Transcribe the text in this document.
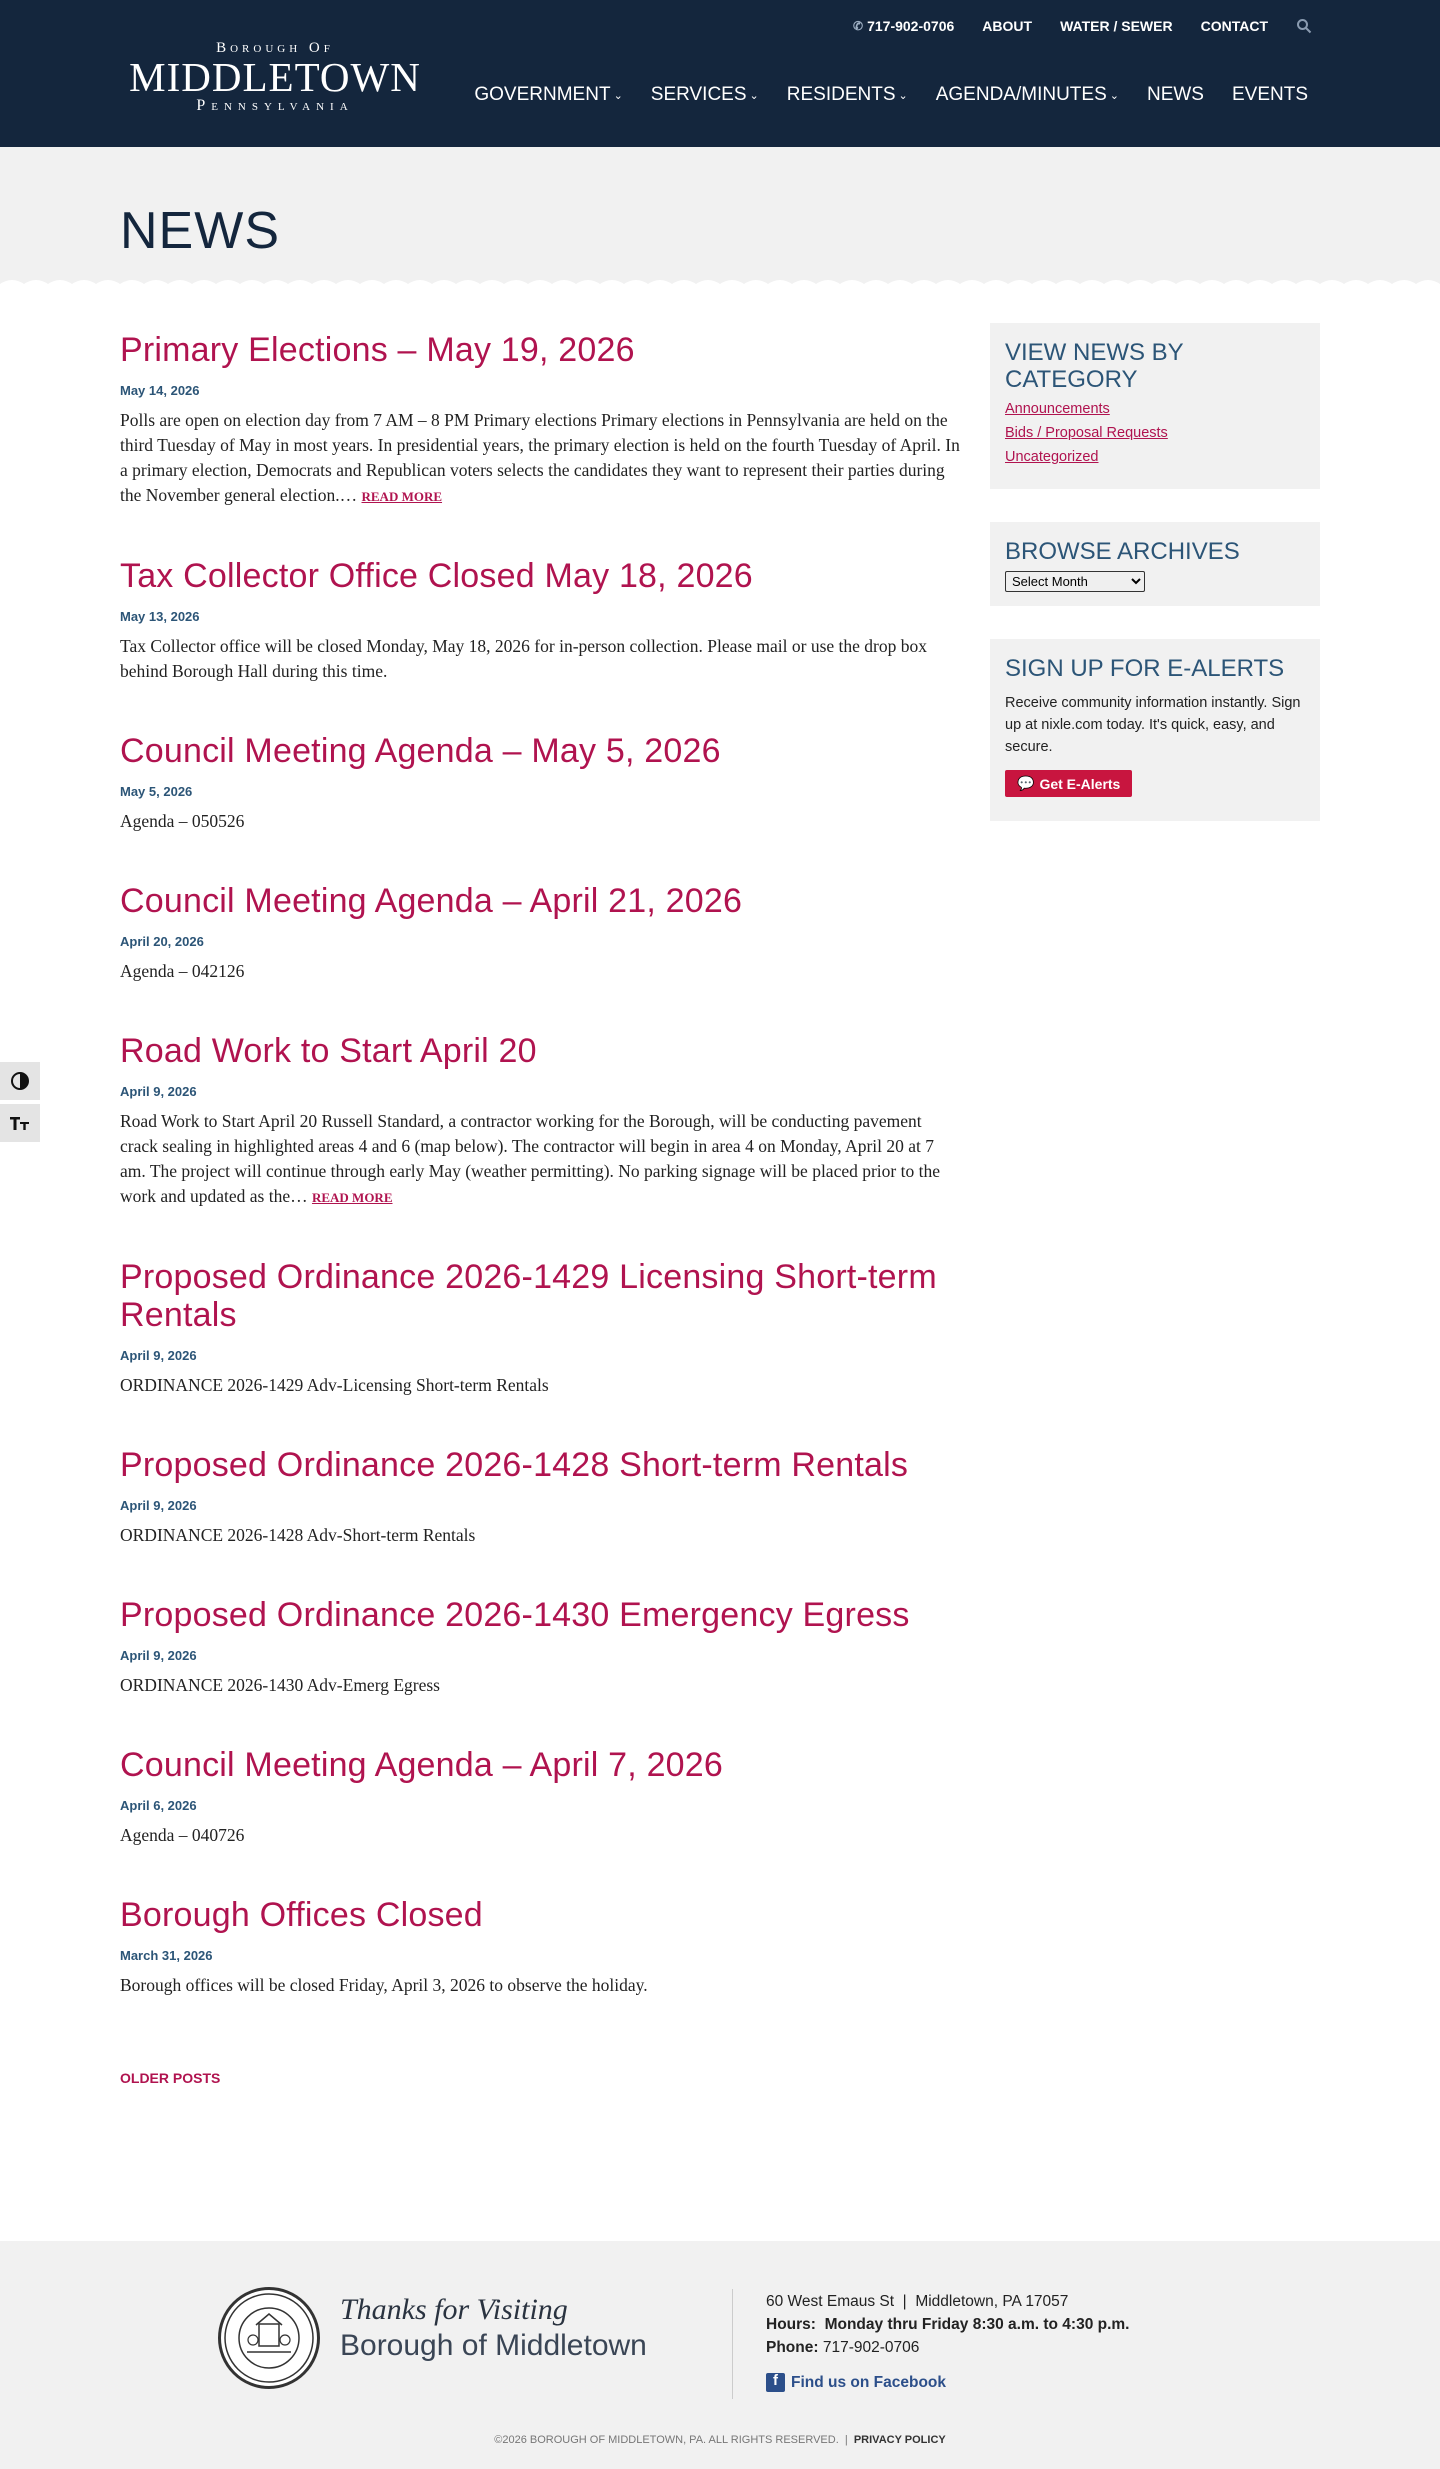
Borough Of
MIDDLETOWN
Pennsylvania
✆ 717-902-0706 ABOUT WATER / SEWER CONTACT
GOVERNMENT ⌄ SERVICES ⌄ RESIDENTS ⌄ AGENDA/MINUTES ⌄ NEWS EVENTS
NEWS
Primary Elections – May 19, 2026
May 14, 2026

Polls are open on election day from 7 AM – 8 PM Primary elections Primary elections in Pennsylvania are held on the third Tuesday of May in most years. In presidential years, the primary election is held on the fourth Tuesday of April. In a primary election, Democrats and Republican voters selects the candidates they want to represent their parties during the November general election.… READ MORE

Tax Collector Office Closed May 18, 2026
May 13, 2026

Tax Collector office will be closed Monday, May 18, 2026 for in-person collection. Please mail or use the drop box behind Borough Hall during this time.

Council Meeting Agenda – May 5, 2026
May 5, 2026

Agenda – 050526

Council Meeting Agenda – April 21, 2026
April 20, 2026

Agenda – 042126

Road Work to Start April 20
April 9, 2026

Road Work to Start April 20 Russell Standard, a contractor working for the Borough, will be conducting pavement crack sealing in highlighted areas 4 and 6 (map below). The contractor will begin in area 4 on Monday, April 20 at 7 am. The project will continue through early May (weather permitting). No parking signage will be placed prior to the work and updated as the… READ MORE

Proposed Ordinance 2026-1429 Licensing Short-term Rentals
April 9, 2026

ORDINANCE 2026-1429 Adv-Licensing Short-term Rentals

Proposed Ordinance 2026-1428 Short-term Rentals
April 9, 2026

ORDINANCE 2026-1428 Adv-Short-term Rentals

Proposed Ordinance 2026-1430 Emergency Egress
April 9, 2026

ORDINANCE 2026-1430 Adv-Emerg Egress

Council Meeting Agenda – April 7, 2026
April 6, 2026

Agenda – 040726

Borough Offices Closed
March 31, 2026

Borough offices will be closed Friday, April 3, 2026 to observe the holiday.

OLDER POSTS
VIEW NEWS BY CATEGORY
Announcements
Bids / Proposal Requests
Uncategorized
BROWSE ARCHIVES
Select Month
SIGN UP FOR E-ALERTS

Receive community information instantly. Sign up at nixle.com today. It's quick, easy, and secure.

💬 Get E-Alerts
Thanks for Visiting
Borough of Middletown
60 West Emaus St  |  Middletown, PA 17057
Hours: Monday thru Friday 8:30 a.m. to 4:30 p.m.
Phone: 717-902-0706
f Find us on Facebook
©2026 BOROUGH OF MIDDLETOWN, PA. ALL RIGHTS RESERVED.  |  PRIVACY POLICY
